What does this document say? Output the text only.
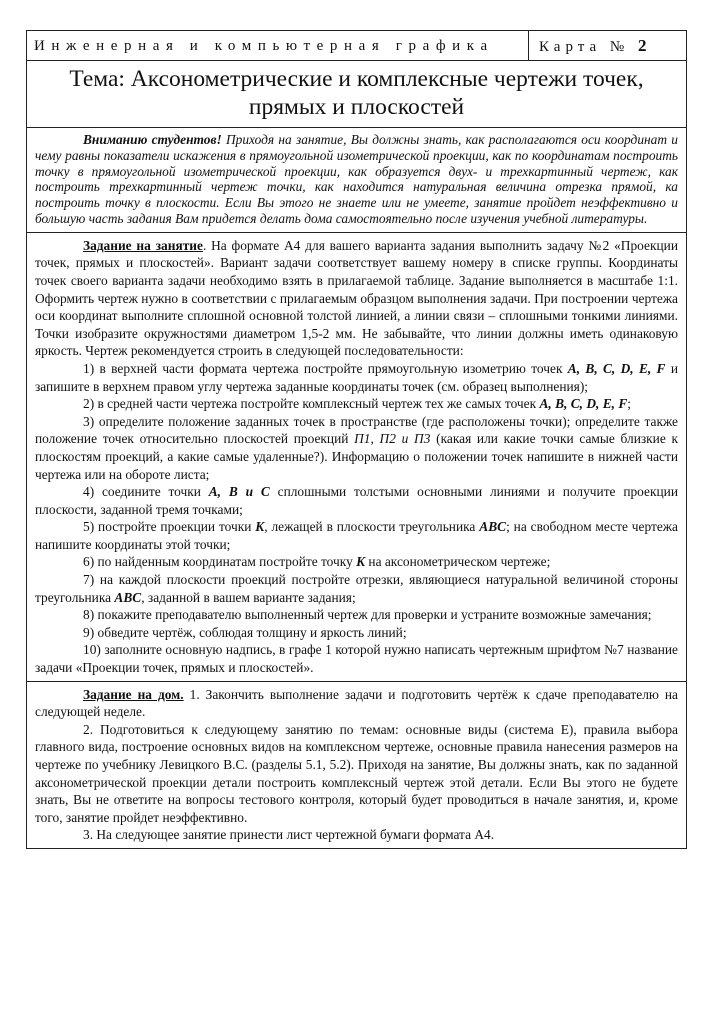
Инженерная и компьютерная графика	Карта № 2
Тема: Аксонометрические и комплексные чертежи точек,
прямых и плоскостей

Вниманию студентов! Приходя на занятие, Вы должны знать, как располагаются оси координат и чему равны показатели искажения в прямоугольной изометрической проекции, как по координатам построить точку в прямоугольной изометрической проекции, как образуется двух- и трехкартинный чертеж, как построить трехкартинный чертеж точки, как находится натуральная величина отрезка прямой, ка построить точку в плоскости. Если Вы этого не знаете или не умеете, занятие пройдет неэффективно и большую часть задания Вам придется делать дома самостоятельно после изучения учебной литературы.

Задание на занятие. На формате А4 для вашего варианта задания выполнить задачу №2 «Проекции точек, прямых и плоскостей». Вариант задачи соответствует вашему номеру в списке группы. Координаты точек своего варианта задачи необходимо взять в прилагаемой таблице. Задание выполняется в масштабе 1:1. Оформить чертеж нужно в соответствии с прилагаемым образцом выполнения задачи. При построении чертежа оси координат выполните сплошной основной толстой линией, а линии связи – сплошными тонкими линиями. Точки изобразите окружностями диаметром 1,5-2 мм. Не забывайте, что линии должны иметь одинаковую яркость. Чертеж рекомендуется строить в следующей последовательности:

1) в верхней части формата чертежа постройте прямоугольную изометрию точек A, B, C, D, E, F и запишите в верхнем правом углу чертежа заданные координаты точек (см. образец выполнения);

2) в средней части чертежа постройте комплексный чертеж тех же самых точек A, B, C, D, E, F;

3) определите положение заданных точек в пространстве (где расположены точки); определите также положение точек относительно плоскостей проекций П1, П2 и П3 (какая или какие точки самые близкие к плоскостям проекций, а какие самые удаленные?). Информацию о положении точек напишите в нижней части чертежа или на обороте листа;

4) соедините точки А, В и С сплошными толстыми основными линиями и получите проекции плоскости, заданной тремя точками;

5) постройте проекции точки K, лежащей в плоскости треугольника ABC; на свободном месте чертежа напишите координаты этой точки;

6) по найденным координатам постройте точку K на аксонометрическом чертеже;

7) на каждой плоскости проекций постройте отрезки, являющиеся натуральной величиной стороны треугольника ABC, заданной в вашем варианте задания;

8) покажите преподавателю выполненный чертеж для проверки и устраните возможные замечания;

9) обведите чертёж, соблюдая толщину и яркость линий;

10) заполните основную надпись, в графе 1 которой нужно написать чертежным шрифтом №7 название задачи «Проекции точек, прямых и плоскостей».

Задание на дом. 1. Закончить выполнение задачи и подготовить чертёж к сдаче преподавателю на следующей неделе.

2. Подготовиться к следующему занятию по темам: основные виды (система Е), правила выбора главного вида, построение основных видов на комплексном чертеже, основные правила нанесения размеров на чертеже по учебнику Левицкого В.С. (разделы 5.1, 5.2). Приходя на занятие, Вы должны знать, как по заданной аксонометрической проекции детали построить комплексный чертеж этой детали. Если Вы этого не будете знать, Вы не ответите на вопросы тестового контроля, который будет проводиться в начале занятия, и, кроме того, занятие пройдет неэффективно.

3. На следующее занятие принести лист чертежной бумаги формата А4.
